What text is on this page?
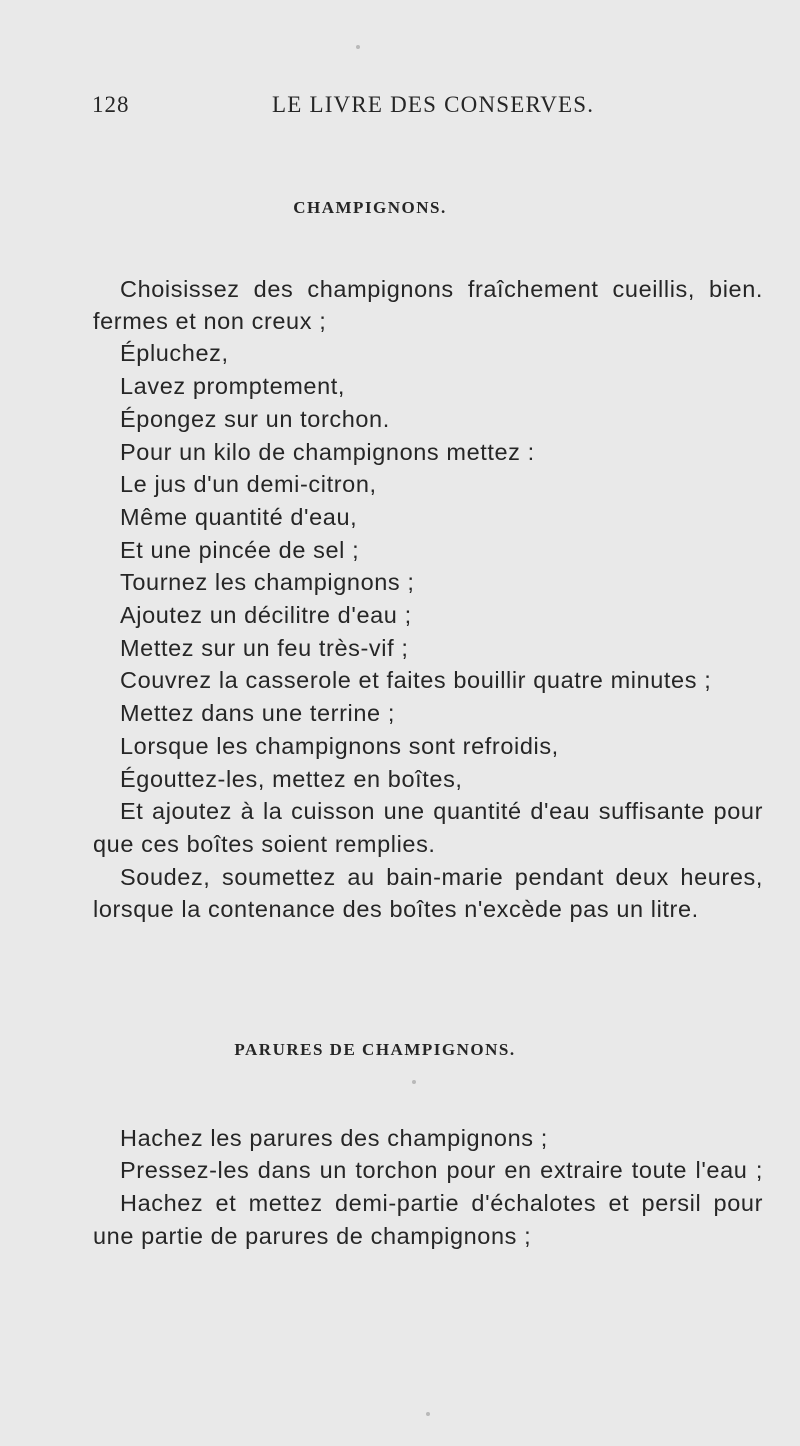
128	LE LIVRE DES CONSERVES.
CHAMPIGNONS.
Choisissez des champignons fraîchement cueillis, bien.
fermes et non creux ;
Épluchez,
Lavez promptement,
Épongez sur un torchon.
Pour un kilo de champignons mettez :
Le jus d'un demi-citron,
Même quantité d'eau,
Et une pincée de sel ;
Tournez les champignons ;
Ajoutez un décilitre d'eau ;
Mettez sur un feu très-vif ;
Couvrez la casserole et faites bouillir quatre minutes ;
Mettez dans une terrine ;
Lorsque les champignons sont refroidis,
Égouttez-les, mettez en boîtes,
Et ajoutez à la cuisson une quantité d'eau suffisante pour
que ces boîtes soient remplies.
Soudez, soumettez au bain-marie pendant deux heures,
lorsque la contenance des boîtes n'excède pas un litre.
PARURES DE CHAMPIGNONS.
Hachez les parures des champignons ;
Pressez-les dans un torchon pour en extraire toute l'eau ;
Hachez et mettez demi-partie d'échalotes et persil pour
une partie de parures de champignons ;
